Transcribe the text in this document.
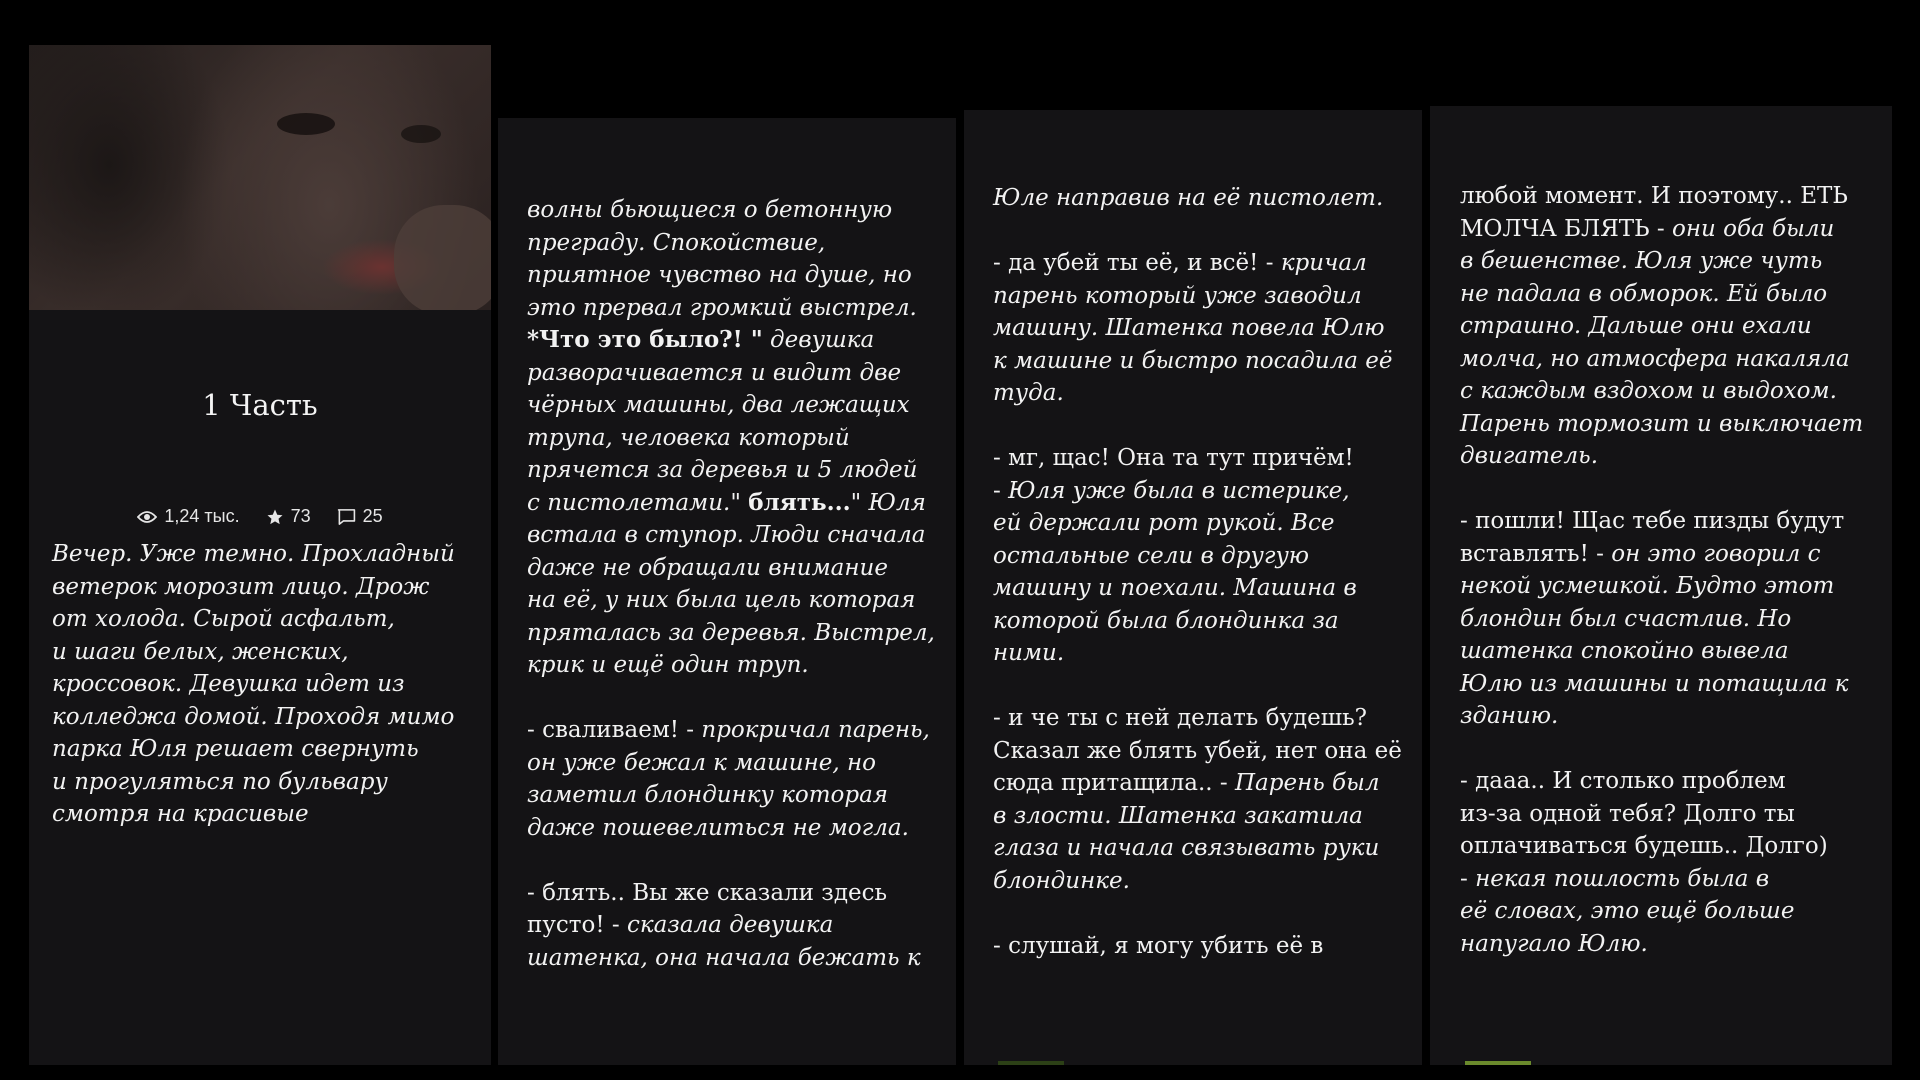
1 Часть
1,24 тыс.	73	25
Вечер. Уже темно. Прохладный
ветерок морозит лицо. Дрож
от холода. Сырой асфальт,
и шаги белых, женских,
кроссовок. Девушка идет из
колледжа домой. Проходя мимо
парка Юля решает свернуть
и прогуляться по бульвару
смотря на красивые
волны бьющиеся о бетонную
преграду. Спокойствие,
приятное чувство на душе, но
это прервал громкий выстрел.
*Что это было?! " девушка
разворачивается и видит две
чёрных машины, два лежащих
трупа, человека который
прячется за деревья и 5 людей
с пистолетами." блять..." Юля
встала в ступор. Люди сначала
даже не обращали внимание
на её, у них была цель которая
пряталась за деревья. Выстрел,
крик и ещё один труп.

- сваливаем! - прокричал парень,
он уже бежал к машине, но
заметил блондинку которая
даже пошевелиться не могла.

- блять.. Вы же сказали здесь
пусто! - сказала девушка
шатенка, она начала бежать к
Юле направив на её пистолет.

- да убей ты её, и всё! - кричал
парень который уже заводил
машину. Шатенка повела Юлю
к машине и быстро посадила её
туда.

- мг, щас! Она та тут причём!
- Юля уже была в истерике,
ей держали рот рукой. Все
остальные сели в другую
машину и поехали. Машина в
которой была блондинка за
ними.

- и че ты с ней делать будешь?
Сказал же блять убей, нет она её
сюда притащила.. - Парень был
в злости. Шатенка закатила
глаза и начала связывать руки
блондинке.

- слушай, я могу убить её в
любой момент. И поэтому.. ЕТЬ
МОЛЧА БЛЯТЬ - они оба были
в бешенстве. Юля уже чуть
не падала в обморок. Ей было
страшно. Дальше они ехали
молча, но атмосфера накаляла
с каждым вздохом и выдохом.
Парень тормозит и выключает
двигатель.

- пошли! Щас тебе пизды будут
вставлять! - он это говорил с
некой усмешкой. Будто этот
блондин был счастлив. Но
шатенка спокойно вывела
Юлю из машины и потащила к
зданию.

- дааа.. И столько проблем
из-за одной тебя? Долго ты
оплачиваться будешь.. Долго)
- некая пошлость была в
её словах, это ещё больше
напугало Юлю.
